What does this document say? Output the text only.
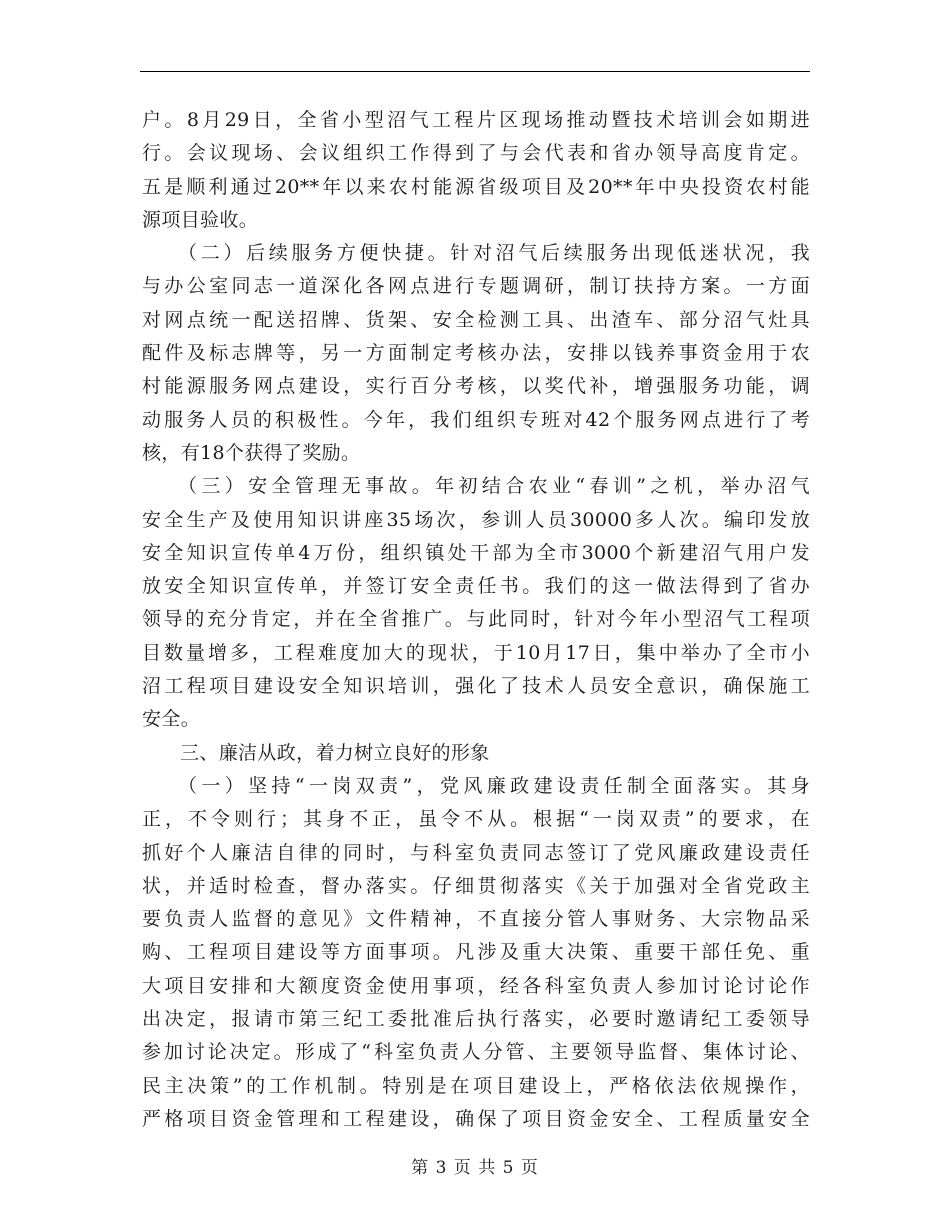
户。8月29日，全省小型沼气工程片区现场推动暨技术培训会如期进
行。会议现场、会议组织工作得到了与会代表和省办领导高度肯定。
五是顺利通过20**年以来农村能源省级项目及20**年中央投资农村能
源项目验收。
（二）后续服务方便快捷。针对沼气后续服务出现低迷状况，我
与办公室同志一道深化各网点进行专题调研，制订扶持方案。一方面
对网点统一配送招牌、货架、安全检测工具、出渣车、部分沼气灶具
配件及标志牌等，另一方面制定考核办法，安排以钱养事资金用于农
村能源服务网点建设，实行百分考核，以奖代补，增强服务功能，调
动服务人员的积极性。今年，我们组织专班对42个服务网点进行了考
核，有18个获得了奖励。
（三）安全管理无事故。年初结合农业“春训”之机，举办沼气
安全生产及使用知识讲座35场次，参训人员30000多人次。编印发放
安全知识宣传单4万份，组织镇处干部为全市3000个新建沼气用户发
放安全知识宣传单，并签订安全责任书。我们的这一做法得到了省办
领导的充分肯定，并在全省推广。与此同时，针对今年小型沼气工程项
目数量增多，工程难度加大的现状，于10月17日，集中举办了全市小
沼工程项目建设安全知识培训，强化了技术人员安全意识，确保施工
安全。
三、廉洁从政，着力树立良好的形象
（一）坚持“一岗双责”，党风廉政建设责任制全面落实。其身
正，不令则行；其身不正，虽令不从。根据“一岗双责”的要求，在
抓好个人廉洁自律的同时，与科室负责同志签订了党风廉政建设责任
状，并适时检查，督办落实。仔细贯彻落实《关于加强对全省党政主
要负责人监督的意见》文件精神，不直接分管人事财务、大宗物品采
购、工程项目建设等方面事项。凡涉及重大决策、重要干部任免、重
大项目安排和大额度资金使用事项，经各科室负责人参加讨论讨论作
出决定，报请市第三纪工委批准后执行落实，必要时邀请纪工委领导
参加讨论决定。形成了“科室负责人分管、主要领导监督、集体讨论、
民主决策”的工作机制。特别是在项目建设上，严格依法依规操作，
严格项目资金管理和工程建设，确保了项目资金安全、工程质量安全
第 3 页 共 5 页
